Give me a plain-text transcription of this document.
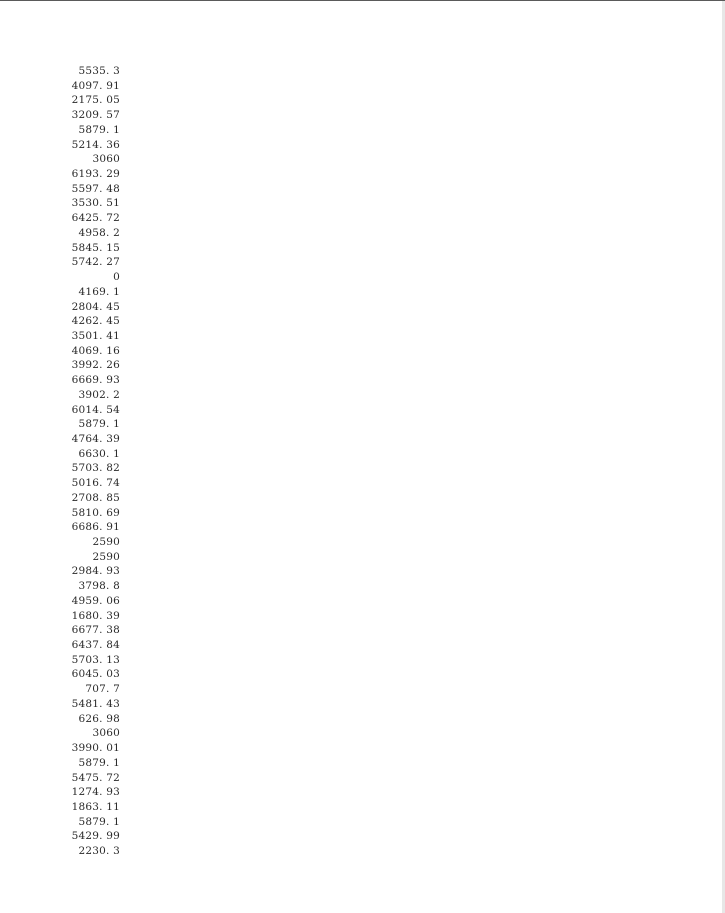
5535. 3
4097. 91
2175. 05
3209. 57
5879. 1
5214. 36
3060
6193. 29
5597. 48
3530. 51
6425. 72
4958. 2
5845. 15
5742. 27
0
4169. 1
2804. 45
4262. 45
3501. 41
4069. 16
3992. 26
6669. 93
3902. 2
6014. 54
5879. 1
4764. 39
6630. 1
5703. 82
5016. 74
2708. 85
5810. 69
6686. 91
2590
2590
2984. 93
3798. 8
4959. 06
1680. 39
6677. 38
6437. 84
5703. 13
6045. 03
707. 7
5481. 43
626. 98
3060
3990. 01
5879. 1
5475. 72
1274. 93
1863. 11
5879. 1
5429. 99
2230. 3
